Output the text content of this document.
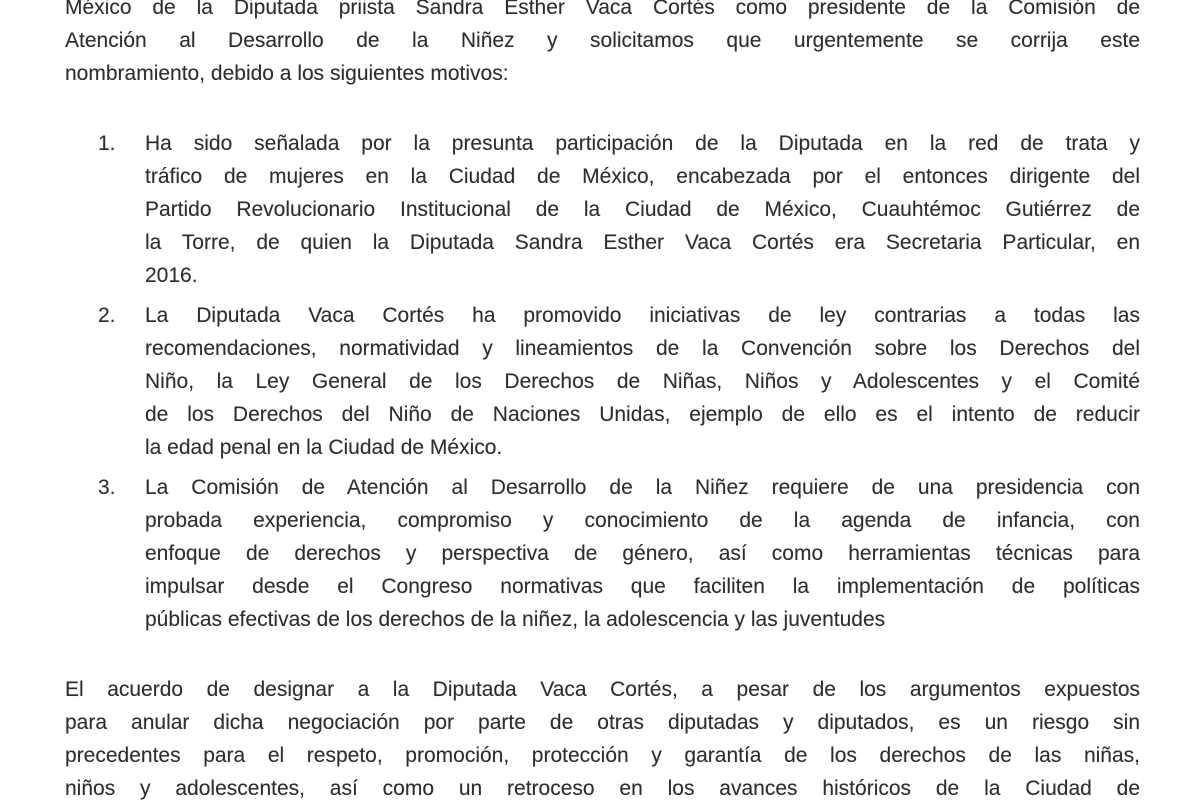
México de la Diputada priista Sandra Esther Vaca Cortés como presidente de la Comisión de
Atención al Desarrollo de la Niñez y solicitamos que urgentemente se corrija este
nombramiento, debido a los siguientes motivos:
1.	Ha sido señalada por la presunta participación de la Diputada en la red de trata y
tráfico de mujeres en la Ciudad de México, encabezada por el entonces dirigente del
Partido Revolucionario Institucional de la Ciudad de México, Cuauhtémoc Gutiérrez de
la Torre, de quien la Diputada Sandra Esther Vaca Cortés era Secretaria Particular, en
2016.
2.	La Diputada Vaca Cortés ha promovido iniciativas de ley contrarias a todas las
recomendaciones, normatividad y lineamientos de la Convención sobre los Derechos del
Niño, la Ley General de los Derechos de Niñas, Niños y Adolescentes y el Comité
de los Derechos del Niño de Naciones Unidas, ejemplo de ello es el intento de reducir
la edad penal en la Ciudad de México.
3.	La Comisión de Atención al Desarrollo de la Niñez requiere de una presidencia con
probada experiencia, compromiso y conocimiento de la agenda de infancia, con
enfoque de derechos y perspectiva de género, así como herramientas técnicas para
impulsar desde el Congreso normativas que faciliten la implementación de políticas
públicas efectivas de los derechos de la niñez, la adolescencia y las juventudes
El acuerdo de designar a la Diputada Vaca Cortés, a pesar de los argumentos expuestos
para anular dicha negociación por parte de otras diputadas y diputados, es un riesgo sin
precedentes para el respeto, promoción, protección y garantía de los derechos de las niñas,
niños y adolescentes, así como un retroceso en los avances históricos de la Ciudad de
